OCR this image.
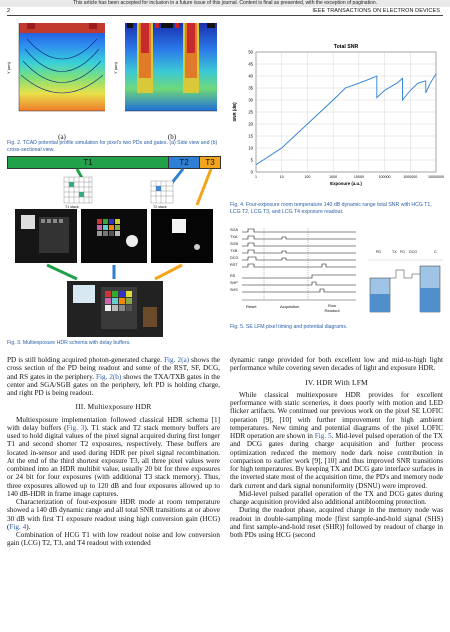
This article has been accepted for inclusion in a future issue of this journal. Content is final as presented, with the exception of pagination.
2	IEEE TRANSACTIONS ON ELECTRON DEVICES
Y (um)	Y (um)
(a)	(b)
Fig. 2. TCAD potential profile simulation for pixel's two PDs and gates. (a) Side view and (b) cross-sectional view.
T1	T2	T3
T1 stack	T2 stack
Fig. 3. Multiexposure HDR schema with delay buffers.
0
5
10
15
20
25
30
35
40
45
50
1	10	100	1000	10000	100000	1000000	10000000
Total SNR
Exposure (a.u.)
SNR (dB)
Fig. 4. Four-exposure room temperature 140 dB dynamic range total SNR with HCG T1, LCG T2, LCG T3, and LCG T4 exposure readout.
SGA
TXA
SGB
TXB
DCG
RST
RS
SHP
SHS
Reset	Acquisition	Row Readout
PD	TX FD DCG	C
Fig. 5. SE LFM pixel timing and potential diagrams.

PD is still holding acquired photon-generated charge. Fig. 2(a) shows the cross section of the PD being readout and some of the RST, SF, DCG, and RS gates in the periphery. Fig. 2(b) shows the TXA/TXB gates in the center and SGA/SGB gates on the periphery, left PD is holding charge, and right PD is being readout.

III. Multiexposure HDR

Multiexposure implementation followed classical HDR schema [1] with delay buffers (Fig. 3). T1 stack and T2 stack memory buffers are used to hold digital values of the pixel signal acquired during first longer T1 and second shorter T2 exposures, respectively. These buffers are located in-sensor and used during HDR per pixel signal recombination. At the end of the third shortest exposure T3, all three pixel values were combined into an HDR multibit value, usually 20 bit for three exposures or 24 bit for four exposures (with additional T3 stack memory). Thus, three exposures allowed up to 120 dB and four exposures allowed up to 140 dB-HDR in frame image captures.

Characterization of four-exposure HDR mode at room temperature showed a 140 dB dynamic range and all total SNR transitions at or above 30 dB with first T1 exposure readout using high conversion gain (HCG) (Fig. 4).

Combination of HCG T1 with low readout noise and low conversion gain (LCG) T2, T3, and T4 readout with extended

dynamic range provided for both excellent low and mid-to-high light performance while covering seven decades of light and exposure HDR.

IV. HDR With LFM

While classical multiexposure HDR provides for excellent performance with static sceneries, it does poorly with motion and LED flicker artifacts. We continued our previous work on the pixel SE LOFIC operation [9], [10] with further improvement for high ambient temperatures. New timing and potential diagrams of the pixel LOFIC HDR operation are shown in Fig. 5. Mid-level pulsed operation of the TX and DCG gates during charge acquisition and further process optimization reduced the memory node dark noise contribution in comparison to earlier work [9], [10] and thus improved SNR transitions for high temperatures. By keeping TX and DCG gate interface surfaces in the inverted state most of the acquisition time, the PD's and memory node dark current and dark signal nonuniformity (DSNU) were improved.

Mid-level pulsed parallel operation of the TX and DCG gates during charge acquisition provided also additional antiblooming protection.

During the readout phase, acquired charge in the memory node was readout in double-sampling mode [first sample-and-hold signal (SHS) and first sample-and-hold reset (SHR)] followed by readout of charge in both PDs using HCG (second
